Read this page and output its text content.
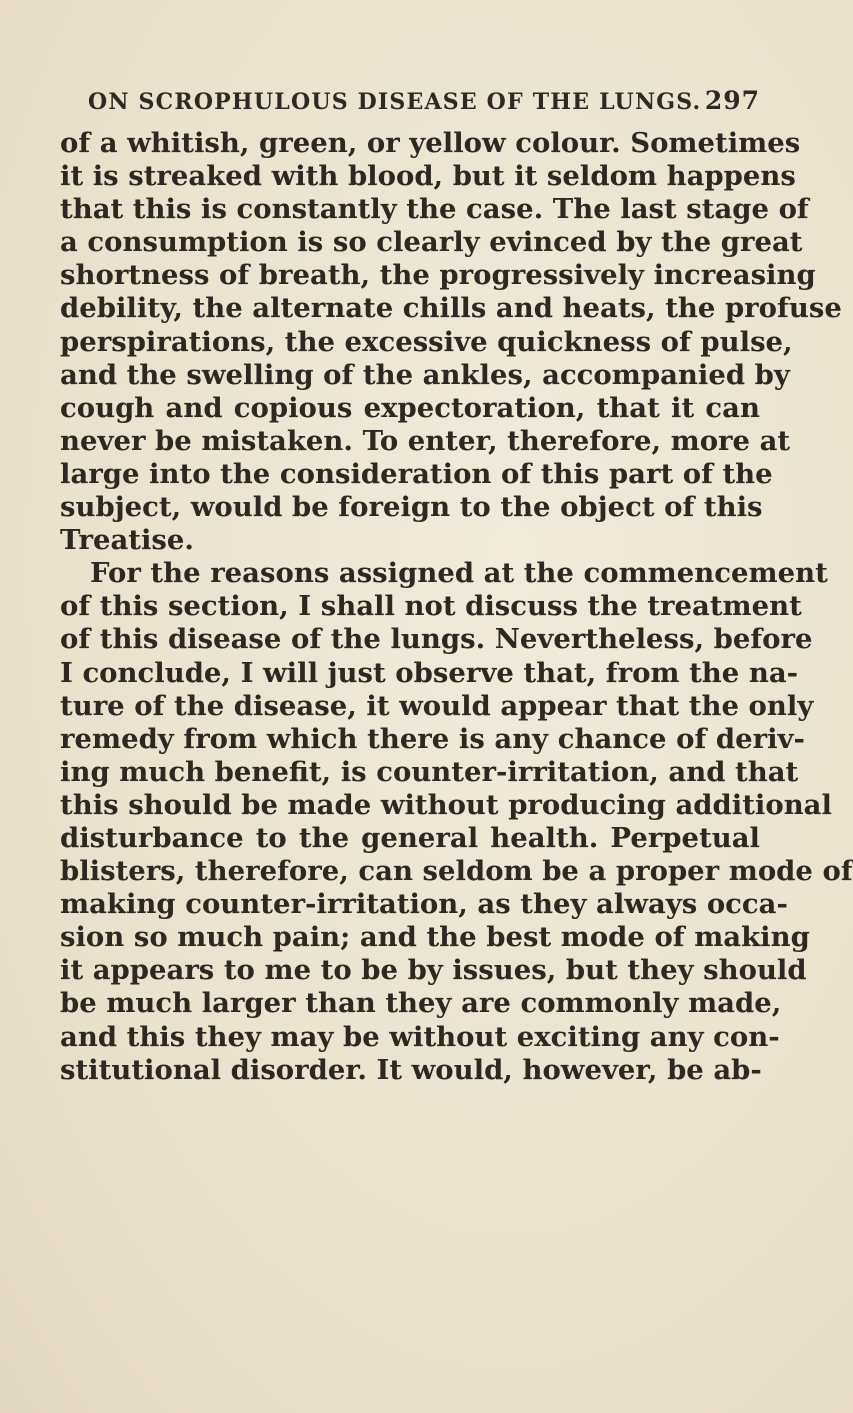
ON SCROPHULOUS DISEASE OF THE LUNGS. 297

of a whitish, green, or yellow colour. Sometimes
it is streaked with blood, but it seldom happens
that this is constantly the case. The last stage of
a consumption is so clearly evinced by the great
shortness of breath, the progressively increasing
debility, the alternate chills and heats, the profuse
perspirations, the excessive quickness of pulse,
and the swelling of the ankles, accompanied by
cough and copious expectoration, that it can
never be mistaken. To enter, therefore, more at
large into the consideration of this part of the
subject, would be foreign to the object of this
Treatise.

For the reasons assigned at the commencement
of this section, I shall not discuss the treatment
of this disease of the lungs. Nevertheless, before
I conclude, I will just observe that, from the na-
ture of the disease, it would appear that the only
remedy from which there is any chance of deriv-
ing much benefit, is counter-irritation, and that
this should be made without producing additional
disturbance to the general health. Perpetual
blisters, therefore, can seldom be a proper mode of
making counter-irritation, as they always occa-
sion so much pain; and the best mode of making
it appears to me to be by issues, but they should
be much larger than they are commonly made,
and this they may be without exciting any con-
stitutional disorder. It would, however, be ab-
